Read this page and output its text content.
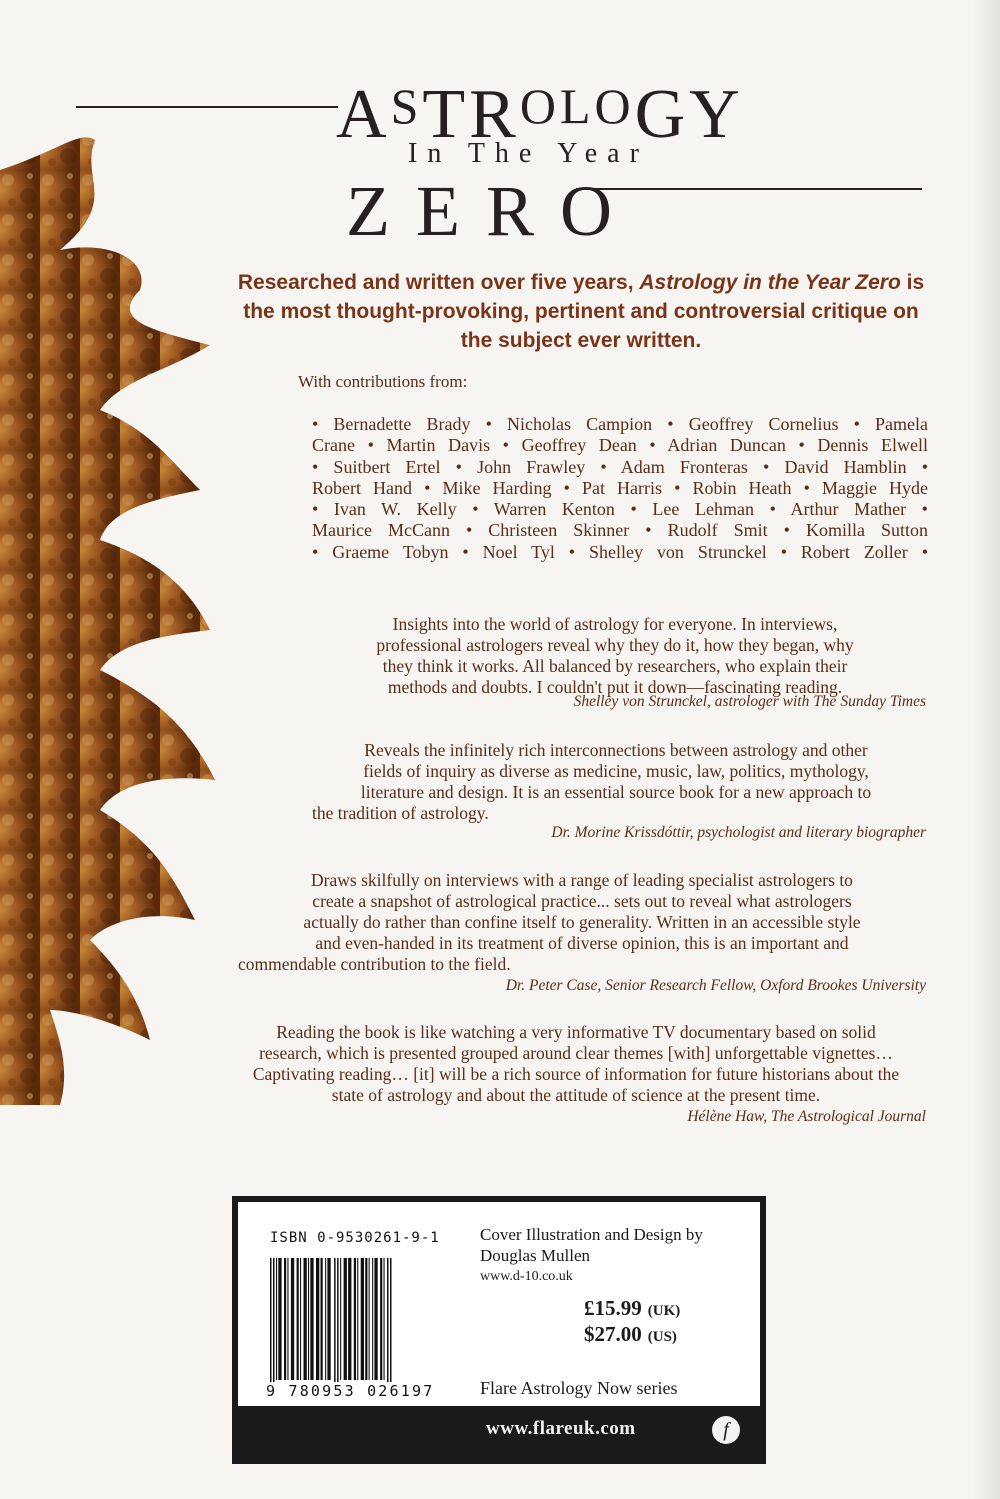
$A^STR^{OLO}GY$
In The Year
ZERO
Researched and written over five years, Astrology in the Year Zero is the most thought-provoking, pertinent and controversial critique on the subject ever written.
With contributions from:
• Bernadette Brady • Nicholas Campion • Geoffrey Cornelius • Pamela
Crane • Martin Davis • Geoffrey Dean • Adrian Duncan • Dennis Elwell
• Suitbert Ertel • John Frawley • Adam Fronteras • David Hamblin •
Robert Hand • Mike Harding • Pat Harris • Robin Heath • Maggie Hyde
• Ivan W. Kelly • Warren Kenton • Lee Lehman • Arthur Mather •
Maurice McCann • Christeen Skinner • Rudolf Smit • Komilla Sutton
• Graeme Tobyn • Noel Tyl • Shelley von Strunckel • Robert Zoller •
Insights into the world of astrology for everyone. In interviews,
professional astrologers reveal why they do it, how they began, why
they think it works. All balanced by researchers, who explain their
methods and doubts. I couldn't put it down—fascinating reading.
Shelley von Strunckel, astrologer with The Sunday Times
Reveals the infinitely rich interconnections between astrology and other
fields of inquiry as diverse as medicine, music, law, politics, mythology,
literature and design. It is an essential source book for a new approach to
the tradition of astrology.
Dr. Morine Krissdóttir, psychologist and literary biographer
Draws skilfully on interviews with a range of leading specialist astrologers to
create a snapshot of astrological practice... sets out to reveal what astrologers
actually do rather than confine itself to generality. Written in an accessible style
and even-handed in its treatment of diverse opinion, this is an important and
commendable contribution to the field.
Dr. Peter Case, Senior Research Fellow, Oxford Brookes University
Reading the book is like watching a very informative TV documentary based on solid
research, which is presented grouped around clear themes [with] unforgettable vignettes…
Captivating reading… [it] will be a rich source of information for future historians about the
state of astrology and about the attitude of science at the present time.
Hélène Haw, The Astrological Journal
ISBN 0-9530261-9-1
9 780953 026197
Cover Illustration and Design by
Douglas Mullen
www.d-10.co.uk
£15.99 (UK)
$27.00 (US)
Flare Astrology Now series
www.flareuk.com	f
